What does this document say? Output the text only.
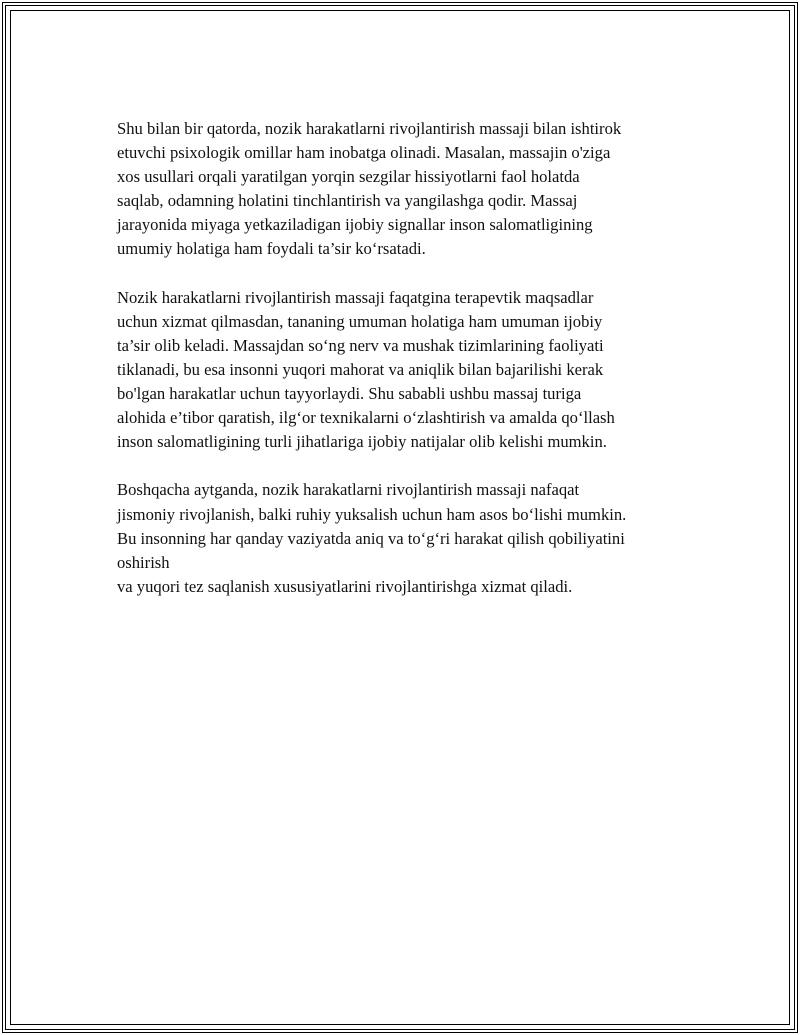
Shu bilan bir qatorda, nozik harakatlarni rivojlantirish massaji bilan ishtirok
etuvchi psixologik omillar ham inobatga olinadi. Masalan, massajin o'ziga
xos usullari orqali yaratilgan yorqin sezgilar hissiyotlarni faol holatda
saqlab, odamning holatini tinchlantirish va yangilashga qodir. Massaj
jarayonida miyaga yetkaziladigan ijobiy signallar inson salomatligining
umumiy holatiga ham foydali ta’sir ko‘rsatadi.

Nozik harakatlarni rivojlantirish massaji faqatgina terapevtik maqsadlar
uchun xizmat qilmasdan, tananing umuman holatiga ham umuman ijobiy
ta’sir olib keladi. Massajdan so‘ng nerv va mushak tizimlarining faoliyati
tiklanadi, bu esa insonni yuqori mahorat va aniqlik bilan bajarilishi kerak
bo'lgan harakatlar uchun tayyorlaydi. Shu sababli ushbu massaj turiga
alohida e’tibor qaratish, ilg‘or texnikalarni o‘zlashtirish va amalda qo‘llash
inson salomatligining turli jihatlariga ijobiy natijalar olib kelishi mumkin.

Boshqacha aytganda, nozik harakatlarni rivojlantirish massaji nafaqat
jismoniy rivojlanish, balki ruhiy yuksalish uchun ham asos bo‘lishi mumkin.
Bu insonning har qanday vaziyatda aniq va to‘g‘ri harakat qilish qobiliyatini
oshirish
va yuqori tez saqlanish xususiyatlarini rivojlantirishga xizmat qiladi.
